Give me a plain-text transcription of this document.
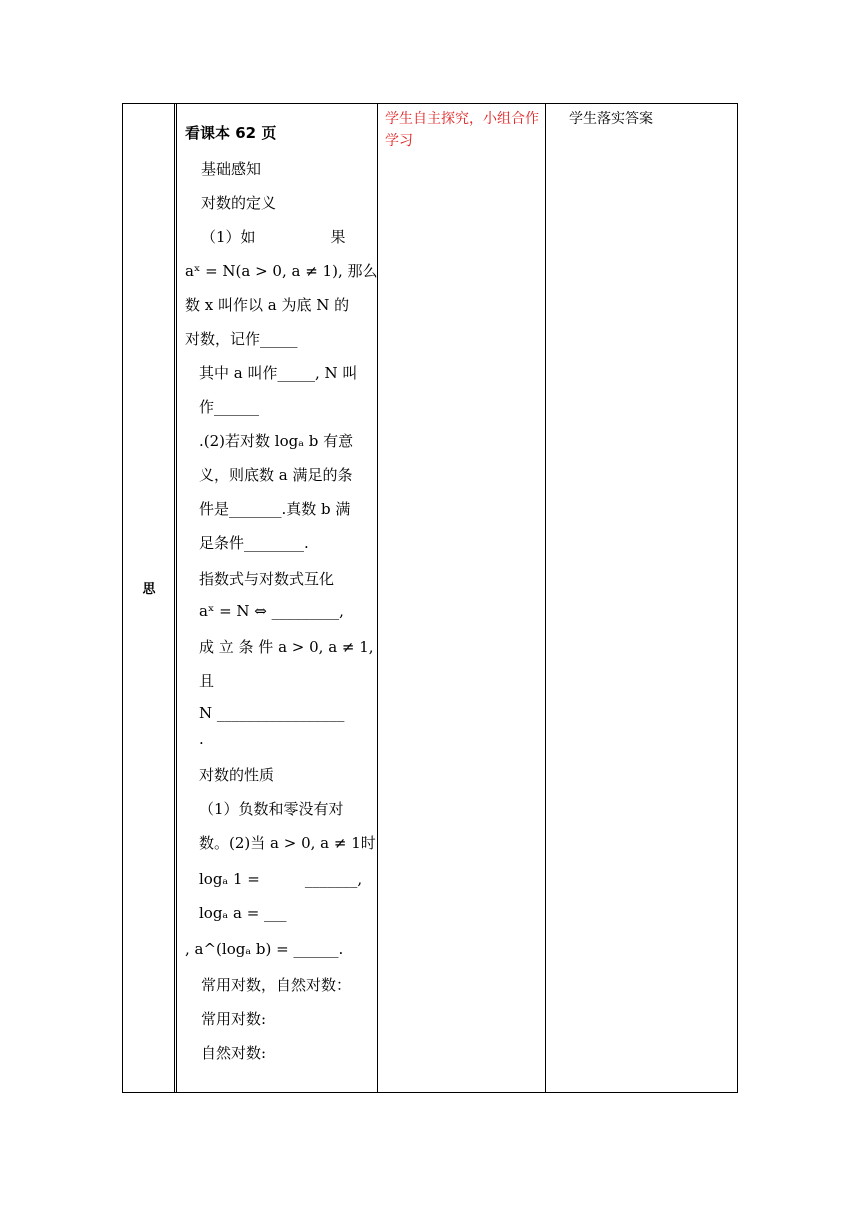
思
看课本 62 页
基础感知
对数的定义
（1）如　　　　　果
aˣ = N(a > 0, a ≠ 1), 那么
数 x 叫作以 a 为底 N 的
对数，记作_____
其中 a 叫作_____, N 叫
作______
.(2)若对数 logₐ b 有意
义，则底数 a 满足的条
件是_______.真数 b 满
足条件________.
指数式与对数式互化
aˣ = N ⇔ _________,
成 立 条 件 a > 0, a ≠ 1,
且
N _________________
.
对数的性质
（1）负数和零没有对
数。(2)当 a > 0, a ≠ 1时
logₐ 1 =　　　_______,
logₐ a = ___
, a^(logₐ b) = ______.
常用对数，自然对数：
常用对数:
自然对数:
学生自主探究，小组合作学习
学生落实答案
